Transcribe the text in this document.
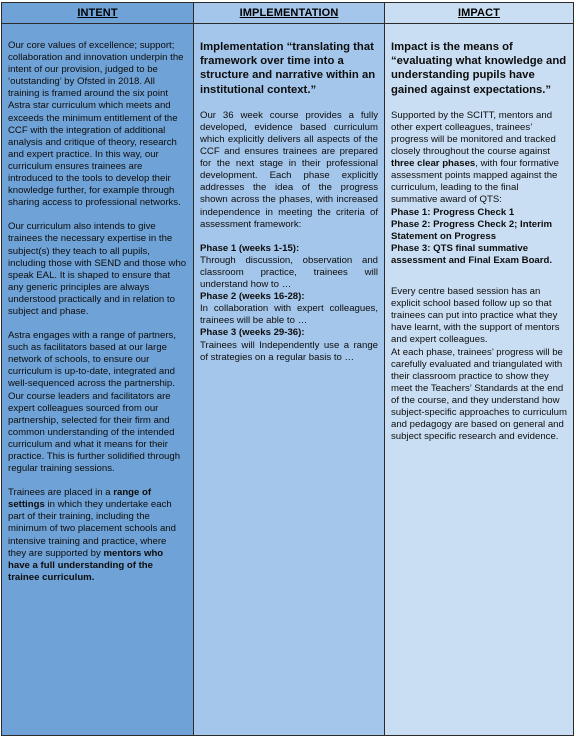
INTENT

Our core values of excellence; support; collaboration and innovation underpin the intent of our provision, judged to be ‘outstanding’ by Ofsted in 2018. All training is framed around the six point Astra star curriculum which meets and exceeds the minimum entitlement of the CCF with the integration of additional analysis and critique of theory, research and expert practice. In this way, our curriculum ensures trainees are introduced to the tools to develop their knowledge further, for example through sharing access to professional networks.

Our curriculum also intends to give trainees the necessary expertise in the subject(s) they teach to all pupils, including those with SEND and those who speak EAL. It is shaped to ensure that any generic principles are always understood practically and in relation to subject and phase.

Astra engages with a range of partners, such as facilitators based at our large network of schools, to ensure our curriculum is up-to-date, integrated and well-sequenced across the partnership. Our course leaders and facilitators are expert colleagues sourced from our partnership, selected for their firm and common understanding of the intended curriculum and what it means for their practice. This is further solidified through regular training sessions.

Trainees are placed in a range of settings in which they undertake each part of their training, including the minimum of two placement schools and intensive training and practice, where they are supported by mentors who have a full understanding of the trainee curriculum.

IMPLEMENTATION

Implementation “translating that framework over time into a structure and narrative within an institutional context.”

Our 36 week course provides a fully developed, evidence based curriculum which explicitly delivers all aspects of the CCF and ensures trainees are prepared for the next stage in their professional development. Each phase explicitly addresses the idea of the progress shown across the phases, with increased independence in meeting the criteria of assessment framework:

Phase 1 (weeks 1-15):

Through discussion, observation and classroom practice, trainees will understand how to …

Phase 2 (weeks 16-28):

In collaboration with expert colleagues, trainees will be able to …

Phase 3 (weeks 29-36):

Trainees will Independently use a range of strategies on a regular basis to …

IMPACT

Impact is the means of “evaluating what knowledge and understanding pupils have gained against expectations.”

Supported by the SCITT, mentors and other expert colleagues, trainees’ progress will be monitored and tracked closely throughout the course against three clear phases, with four formative assessment points mapped against the curriculum, leading to the final summative award of QTS:

Phase 1: Progress Check 1

Phase 2: Progress Check 2; Interim Statement on Progress

Phase 3: QTS final summative assessment and Final Exam Board.

Every centre based session has an explicit school based follow up so that trainees can put into practice what they have learnt, with the support of mentors and expert colleagues.

At each phase, trainees’ progress will be carefully evaluated and triangulated with their classroom practice to show they meet the Teachers’ Standards at the end of the course, and they understand how subject-specific approaches to curriculum and pedagogy are based on general and subject specific research and evidence.
